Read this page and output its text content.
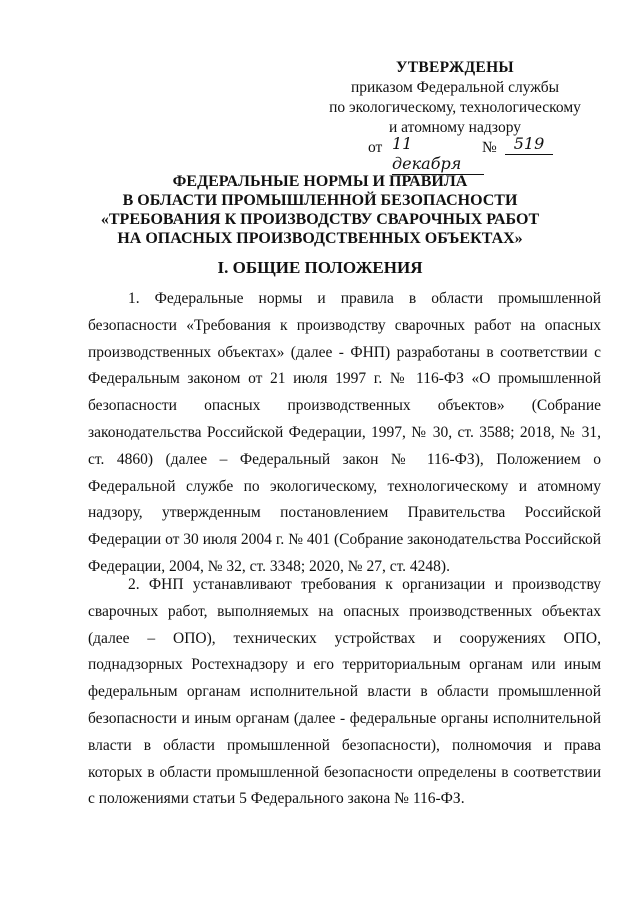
УТВЕРЖДЕНЫ
приказом Федеральной службы
по экологическому, технологическому
и атомному надзору
от 11 декабря
№	519
ФЕДЕРАЛЬНЫЕ НОРМЫ И ПРАВИЛА
В ОБЛАСТИ ПРОМЫШЛЕННОЙ БЕЗОПАСНОСТИ
«ТРЕБОВАНИЯ К ПРОИЗВОДСТВУ СВАРОЧНЫХ РАБОТ
НА ОПАСНЫХ ПРОИЗВОДСТВЕННЫХ ОБЪЕКТАХ»
I. ОБЩИЕ ПОЛОЖЕНИЯ

1. Федеральные нормы и правила в области промышленной безопасности «Требования к производству сварочных работ на опасных производственных объектах» (далее - ФНП) разработаны в соответствии с Федеральным законом от 21 июля 1997 г. № 116-ФЗ «О промышленной безопасности опасных производственных объектов» (Собрание законодательства Российской Федерации, 1997, № 30, ст. 3588; 2018, № 31, ст. 4860) (далее – Федеральный закон № 116-ФЗ), Положением о Федеральной службе по экологическому, технологическому и атомному надзору, утвержденным постановлением Правительства Российской Федерации от 30 июля 2004 г. № 401 (Собрание законодательства Российской Федерации, 2004, № 32, ст. 3348; 2020, № 27, ст. 4248).

2. ФНП устанавливают требования к организации и производству сварочных работ, выполняемых на опасных производственных объектах (далее – ОПО), технических устройствах и сооружениях ОПО, поднадзорных Ростехнадзору и его территориальным органам или иным федеральным органам исполнительной власти в области промышленной безопасности и иным органам (далее - федеральные органы исполнительной власти в области промышленной безопасности), полномочия и права которых в области промышленной безопасности определены в соответствии с положениями статьи 5 Федерального закона № 116-ФЗ.
